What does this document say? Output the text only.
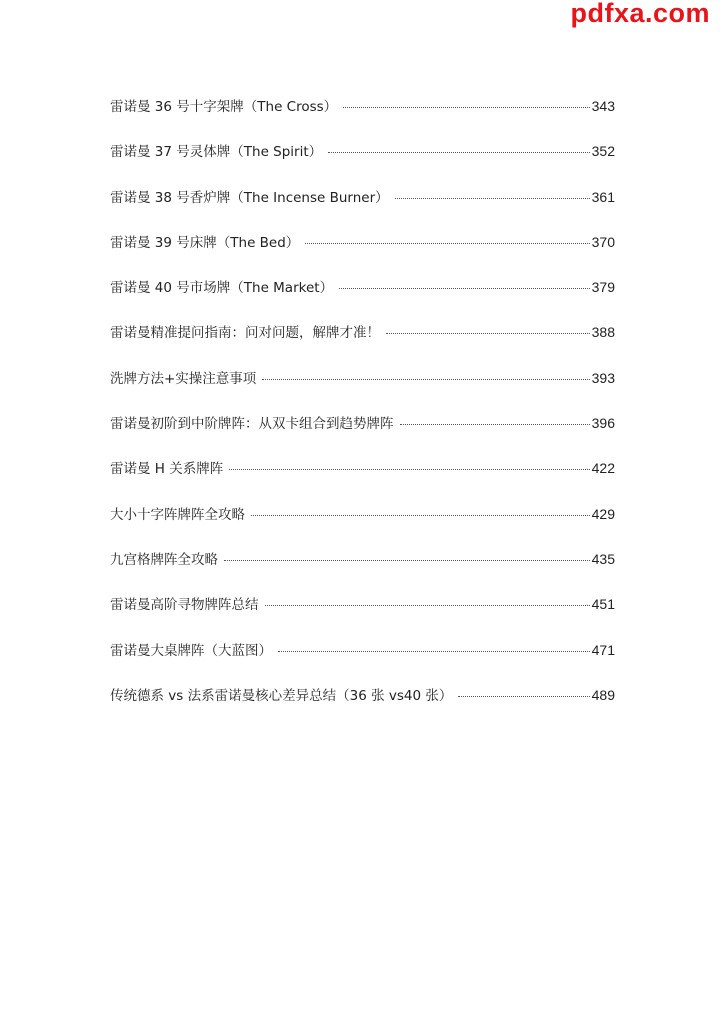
pdfxa.com
雷诺曼 36 号十字架牌（The Cross）	343
雷诺曼 37 号灵体牌（The Spirit）	352
雷诺曼 38 号香炉牌（The Incense Burner）	361
雷诺曼 39 号床牌（The Bed）	370
雷诺曼 40 号市场牌（The Market）	379
雷诺曼精准提问指南：问对问题，解牌才准！	388
洗牌方法+实操注意事项	393
雷诺曼初阶到中阶牌阵：从双卡组合到趋势牌阵	396
雷诺曼 H 关系牌阵	422
大小十字阵牌阵全攻略	429
九宫格牌阵全攻略	435
雷诺曼高阶寻物牌阵总结	451
雷诺曼大桌牌阵（大蓝图）	471
传统德系 vs 法系雷诺曼核心差异总结（36 张 vs40 张）	489
